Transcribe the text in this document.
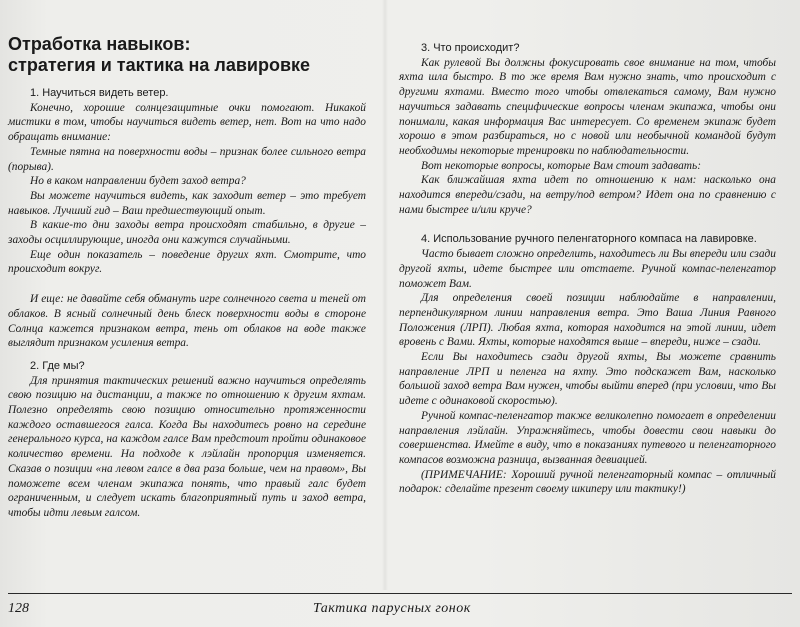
Отработка навыков:
стратегия и тактика на лавировке

1. Научиться видеть ветер.

Конечно, хорошие солнцезащитные очки помогают. Никакой мистики в том, чтобы научиться видеть ветер, нет. Вот на что надо обращать внимание:

Темные пятна на поверхности воды – признак более сильного ветра (порыва).

Но в каком направлении будет заход ветра?

Вы можете научиться видеть, как заходит ветер – это требует навыков. Лучший гид – Ваш предшествующий опыт.

В какие-то дни заходы ветра происходят стабильно, в другие – заходы осциллирующие, иногда они кажутся случайными.

Еще один показатель – поведение других яхт. Смотрите, что происходит вокруг.

И еще: не давайте себя обмануть игре солнечного света и теней от облаков. В ясный солнечный день блеск поверхности воды в стороне Солнца кажется признаком ветра, тень от облаков на воде также выглядит признаком усиления ветра.

2. Где мы?

Для принятия тактических решений важно научиться определять свою позицию на дистанции, а также по отношению к другим яхтам. Полезно определять свою позицию относительно протяженности каждого оставшегося галса. Когда Вы находитесь ровно на середине генерального курса, на каждом галсе Вам предстоит пройти одинаковое количество времени. На подходе к лэйлайн пропорция изменяется. Сказав о позиции «на левом галсе в два раза больше, чем на правом», Вы поможете всем членам экипажа понять, что правый галс будет ограниченным, и следует искать благоприятный путь и заход ветра, чтобы идти левым галсом.

3. Что происходит?

Как рулевой Вы должны фокусировать свое внимание на том, чтобы яхта шла быстро. В то же время Вам нужно знать, что происходит с другими яхтами. Вместо того чтобы отвлекаться самому, Вам нужно научиться задавать специфические вопросы членам экипажа, чтобы они понимали, какая информация Вас интересует. Со временем экипаж будет хорошо в этом разбираться, но с новой или необычной командой будут необходимы некоторые тренировки по наблюдательности.

Вот некоторые вопросы, которые Вам стоит задавать:

Как ближайшая яхта идет по отношению к нам: насколько она находится впереди/сзади, на ветру/под ветром? Идет она по сравнению с нами быстрее и/или круче?

4. Использование ручного пеленгаторного компаса на лавировке.

Часто бывает сложно определить, находитесь ли Вы впереди или сзади другой яхты, идете быстрее или отстаете. Ручной компас-пеленгатор поможет Вам.

Для определения своей позиции наблюдайте в направлении, перпендикулярном линии направления ветра. Это Ваша Линия Равного Положения (ЛРП). Любая яхта, которая находится на этой линии, идет вровень с Вами. Яхты, которые находятся выше – впереди, ниже – сзади.

Если Вы находитесь сзади другой яхты, Вы можете сравнить направление ЛРП и пеленга на яхту. Это подскажет Вам, насколько большой заход ветра Вам нужен, чтобы выйти вперед (при условии, что Вы идете с одинаковой скоростью).

Ручной компас-пеленгатор также великолепно помогает в определении направления лэйлайн. Упражняйтесь, чтобы довести свои навыки до совершенства. Имейте в виду, что в показаниях путевого и пеленгаторного компасов возможна разница, вызванная девиацией.

(ПРИМЕЧАНИЕ: Хороший ручной пеленгаторный компас – отличный подарок: сделайте презент своему шкиперу или тактику!)

128	Тактика парусных гонок
